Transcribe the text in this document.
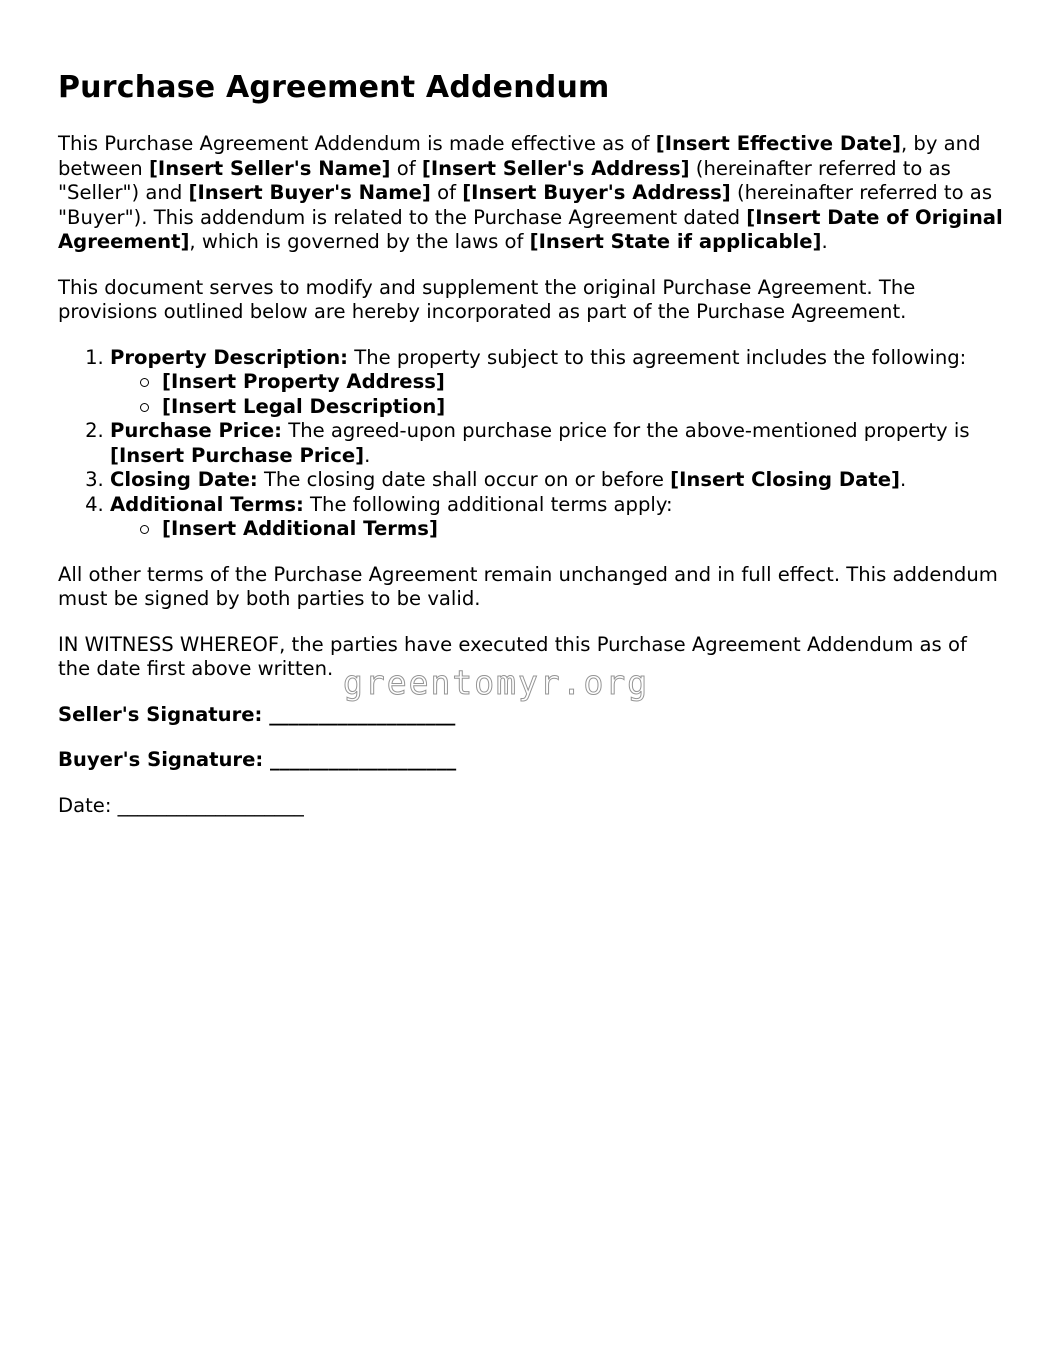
Purchase Agreement Addendum

This Purchase Agreement Addendum is made effective as of [Insert Effective Date], by and between [Insert Seller's Name] of [Insert Seller's Address] (hereinafter referred to as "Seller") and [Insert Buyer's Name] of [Insert Buyer's Address] (hereinafter referred to as "Buyer"). This addendum is related to the Purchase Agreement dated [Insert Date of Original Agreement], which is governed by the laws of [Insert State if applicable].

This document serves to modify and supplement the original Purchase Agreement. The provisions outlined below are hereby incorporated as part of the Purchase Agreement.

1. Property Description: The property subject to this agreement includes the following:
[Insert Property Address]
[Insert Legal Description]
2. Purchase Price: The agreed-upon purchase price for the above-mentioned property is [Insert Purchase Price].
3. Closing Date: The closing date shall occur on or before [Insert Closing Date].
4. Additional Terms: The following additional terms apply:
[Insert Additional Terms]

All other terms of the Purchase Agreement remain unchanged and in full effect. This addendum must be signed by both parties to be valid.

IN WITNESS WHEREOF, the parties have executed this Purchase Agreement Addendum as of the date first above written.

Seller's Signature: ___________________

Buyer's Signature: ___________________

Date: ___________________

greentomyr.org
